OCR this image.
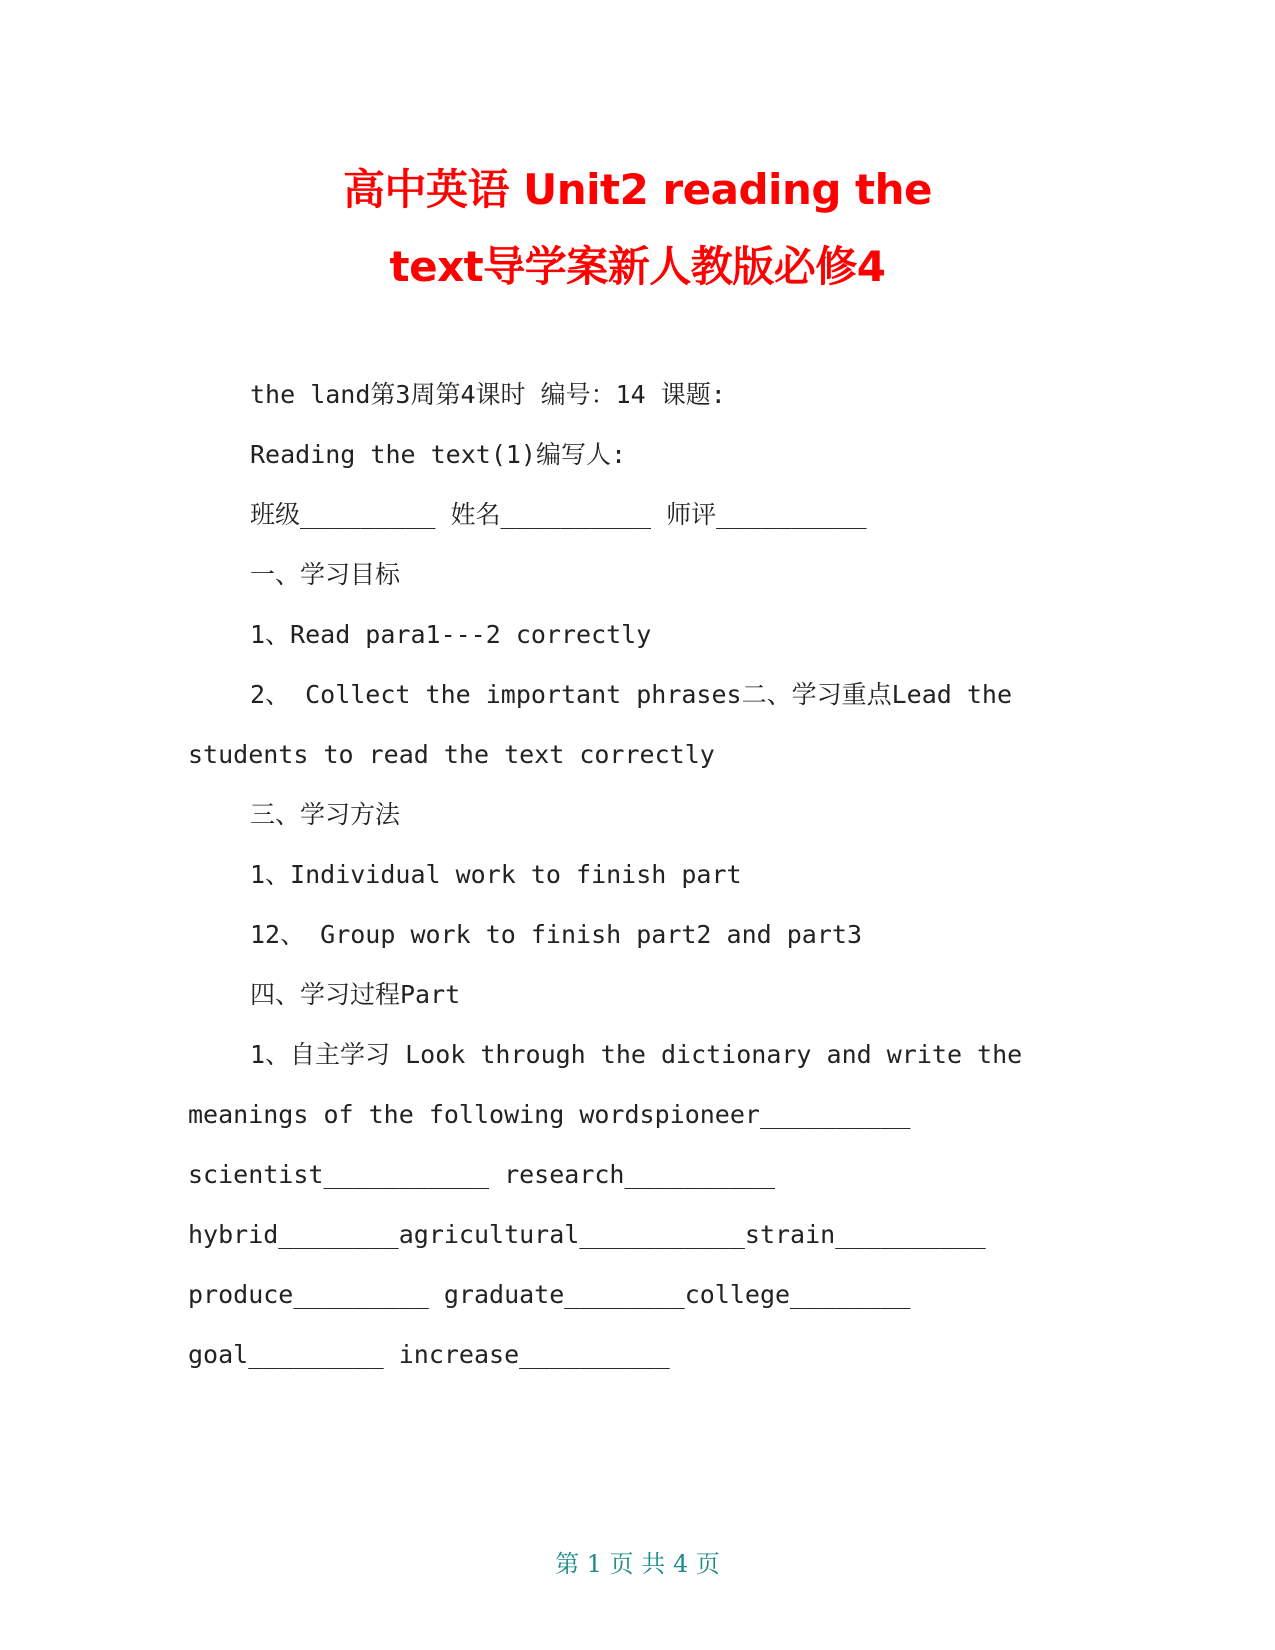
高中英语 Unit2 reading the
text导学案新人教版必修4
the land第3周第4课时 编号：14 课题:
Reading the text(1)编写人:
班级_________ 姓名__________ 师评__________
一、学习目标
1、Read para1---2 correctly
2、 Collect the important phrases二、学习重点Lead the
students to read the text correctly
三、学习方法
1、Individual work to finish part
12、 Group work to finish part2 and part3
四、学习过程Part
1、自主学习 Look through the dictionary and write the
meanings of the following wordspioneer__________
scientist___________ research__________
hybrid________agricultural___________strain__________
produce_________ graduate________college________
goal_________ increase__________
第 1 页 共 4 页
